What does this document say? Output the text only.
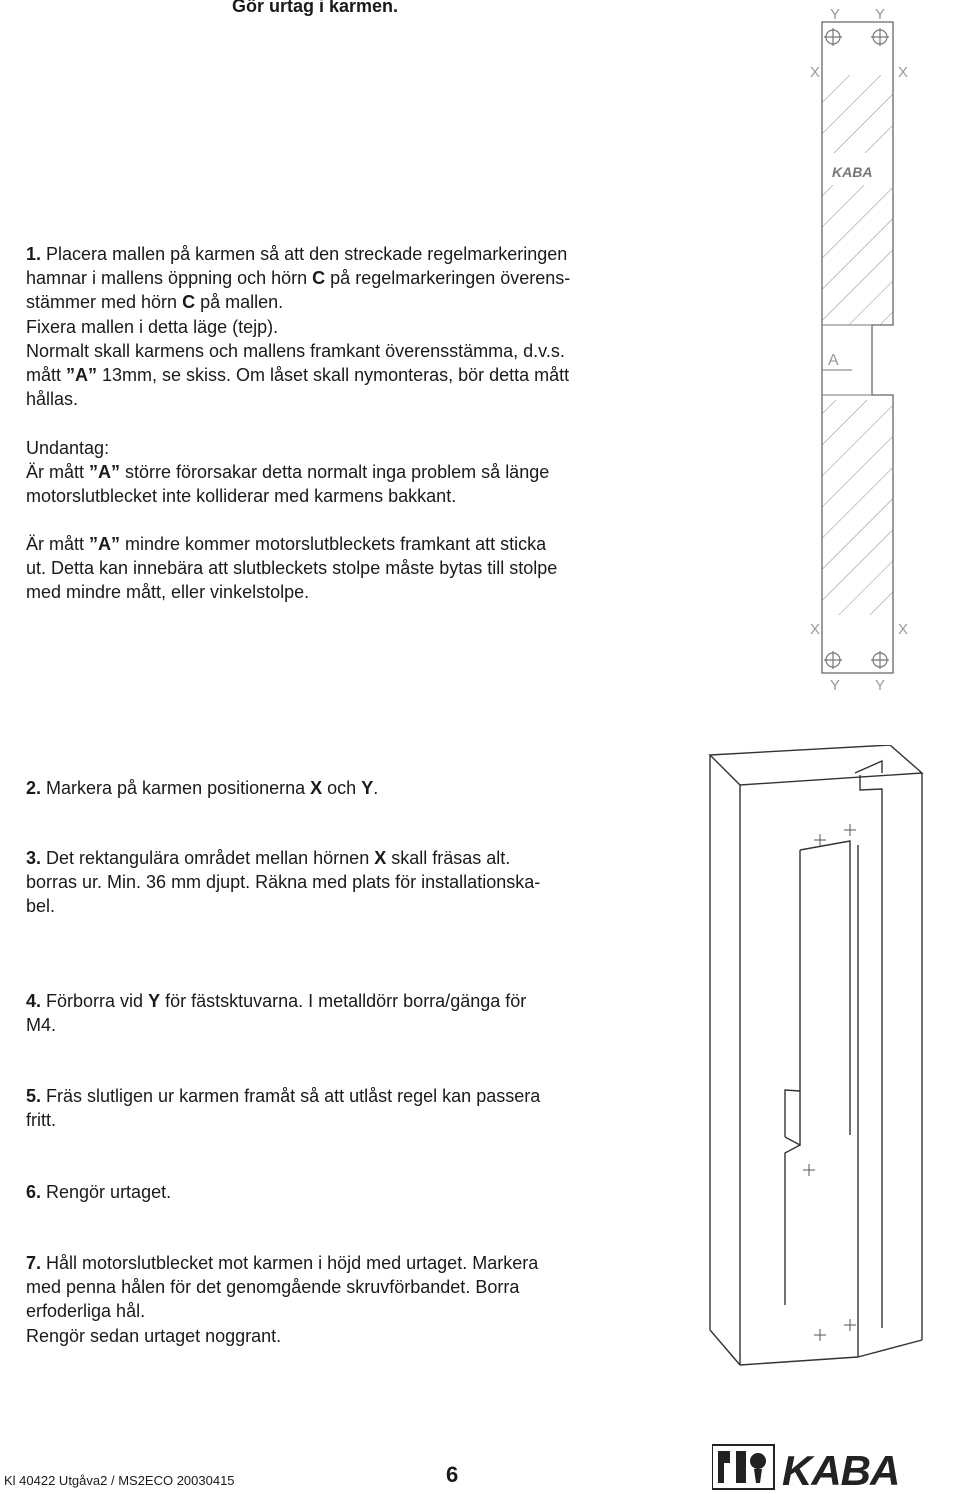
Gör urtag i karmen.

1. Placera mallen på karmen så att den streckade regelmarkeringen

hamnar i mallens öppning och hörn C på regelmarkeringen överens-

stämmer med hörn C på mallen.

Fixera mallen i detta läge (tejp).

Normalt skall karmens och mallens framkant överensstämma, d.v.s.

mått ”A” 13mm, se skiss. Om låset skall nymonteras, bör detta mått

hållas.

Undantag:

Är mått ”A” större förorsakar detta normalt inga problem så länge

motorslutblecket inte kolliderar med karmens bakkant.

Är mått ”A” mindre kommer motorslutbleckets framkant att sticka

ut. Detta kan innebära att slutbleckets stolpe måste bytas till stolpe

med mindre mått, eller vinkelstolpe.

2. Markera på karmen positionerna X och Y.

3. Det rektangulära området mellan hörnen X skall fräsas alt.

borras ur. Min. 36 mm djupt. Räkna med plats för installationska-

bel.

4. Förborra vid Y för fästsktuvarna. I metalldörr borra/gänga för

M4.

5. Fräs slutligen ur karmen framåt så att utlåst regel kan passera

fritt.

6. Rengör urtaget.

7. Håll motorslutblecket mot karmen i höjd med urtaget. Markera

med penna hålen för det genomgående skruvförbandet. Borra

erfoderliga hål.

Rengör sedan urtaget noggrant.

Y Y
X	X
KABA
A
X	X
Y Y
Kl 40422 Utgåva2 / MS2ECO 20030415	6	KABA
